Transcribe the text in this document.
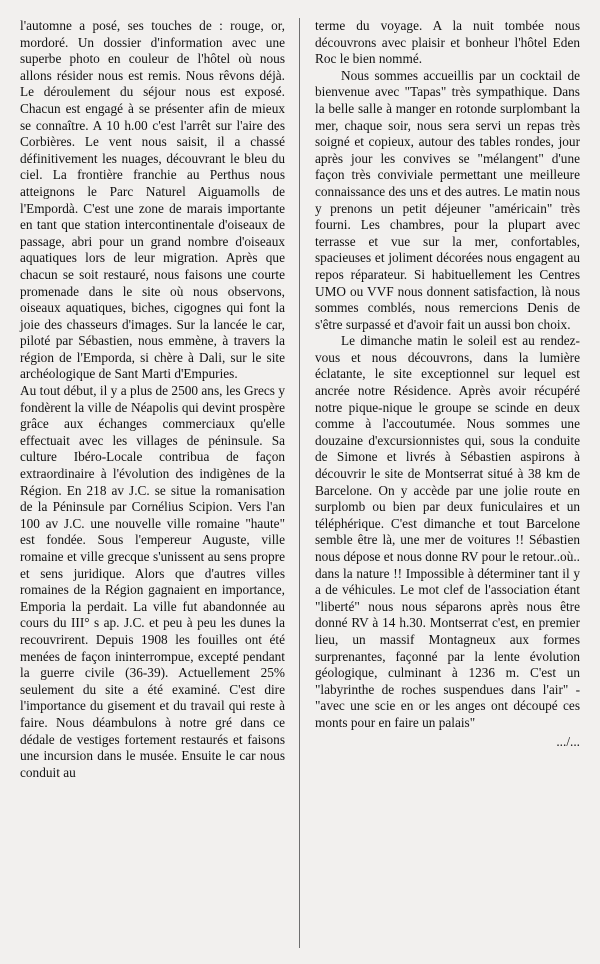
l'automne a posé, ses touches de : rouge, or, mordoré. Un dossier d'information avec une superbe photo en couleur de l'hôtel où nous allons résider nous est remis. Nous rêvons déjà. Le déroulement du séjour nous est exposé. Chacun est engagé à se présenter afin de mieux se connaître. A 10 h.00 c'est l'arrêt sur l'aire des Corbières. Le vent nous saisit, il a chassé définitivement les nuages, découvrant le bleu du ciel. La frontière franchie au Perthus nous atteignons le Parc Naturel Aiguamolls de l'Empordà. C'est une zone de marais importante en tant que station intercontinentale d'oiseaux de passage, abri pour un grand nombre d'oiseaux aquatiques lors de leur migration. Après que chacun se soit restauré, nous faisons une courte promenade dans le site où nous observons, oiseaux aquatiques, biches, cigognes qui font la joie des chasseurs d'images. Sur la lancée le car, piloté par Sébastien, nous emmène, à travers la région de l'Emporda, si chère à Dali, sur le site archéologique de Sant Marti d'Empuries.

Au tout début, il y a plus de 2500 ans, les Grecs y fondèrent la ville de Néapolis qui devint prospère grâce aux échanges commerciaux qu'elle effectuait avec les villages de péninsule. Sa culture Ibéro-Locale contribua de façon extraordinaire à l'évolution des indigènes de la Région. En 218 av J.C. se situe la romanisation de la Péninsule par Cornélius Scipion. Vers l'an 100 av J.C. une nouvelle ville romaine "haute" est fondée. Sous l'empereur Auguste, ville romaine et ville grecque s'unissent au sens propre et sens juridique. Alors que d'autres villes romaines de la Région gagnaient en importance, Emporia la perdait. La ville fut abandonnée au cours du III° s ap. J.C. et peu à peu les dunes la recouvrirent. Depuis 1908 les fouilles ont été menées de façon ininterrompue, excepté pendant la guerre civile (36-39). Actuellement 25% seulement du site a été examiné. C'est dire l'importance du gisement et du travail qui reste à faire. Nous déambulons à notre gré dans ce dédale de vestiges fortement restaurés et faisons une incursion dans le musée. Ensuite le car nous conduit au

terme du voyage. A la nuit tombée nous découvrons avec plaisir et bonheur l'hôtel Eden Roc le bien nommé.

Nous sommes accueillis par un cocktail de bienvenue avec "Tapas" très sympathique. Dans la belle salle à manger en rotonde surplombant la mer, chaque soir, nous sera servi un repas très soigné et copieux, autour des tables rondes, jour après jour les convives se "mélangent" d'une façon très conviviale permettant une meilleure connaissance des uns et des autres. Le matin nous y prenons un petit déjeuner "américain" très fourni. Les chambres, pour la plupart avec terrasse et vue sur la mer, confortables, spacieuses et joliment décorées nous engagent au repos réparateur. Si habituellement les Centres UMO ou VVF nous donnent satisfaction, là nous sommes comblés, nous remercions Denis de s'être surpassé et d'avoir fait un aussi bon choix.

Le dimanche matin le soleil est au rendez-vous et nous découvrons, dans la lumière éclatante, le site exceptionnel sur lequel est ancrée notre Résidence. Après avoir récupéré notre pique-nique le groupe se scinde en deux comme à l'accoutumée. Nous sommes une douzaine d'excursionnistes qui, sous la conduite de Simone et livrés à Sébastien aspirons à découvrir le site de Montserrat situé à 38 km de Barcelone. On y accède par une jolie route en surplomb ou bien par deux funiculaires et un téléphérique. C'est dimanche et tout Barcelone semble être là, une mer de voitures !! Sébastien nous dépose et nous donne RV pour le retour..où.. dans la nature !! Impossible à déterminer tant il y a de véhicules. Le mot clef de l'association étant "liberté" nous nous séparons après nous être donné RV à 14 h.30. Montserrat c'est, en premier lieu, un massif Montagneux aux formes surprenantes, façonné par la lente évolution géologique, culminant à 1236 m. C'est un "labyrinthe de roches suspendues dans l'air" - "avec une scie en or les anges ont découpé ces monts pour en faire un palais"

.../...
